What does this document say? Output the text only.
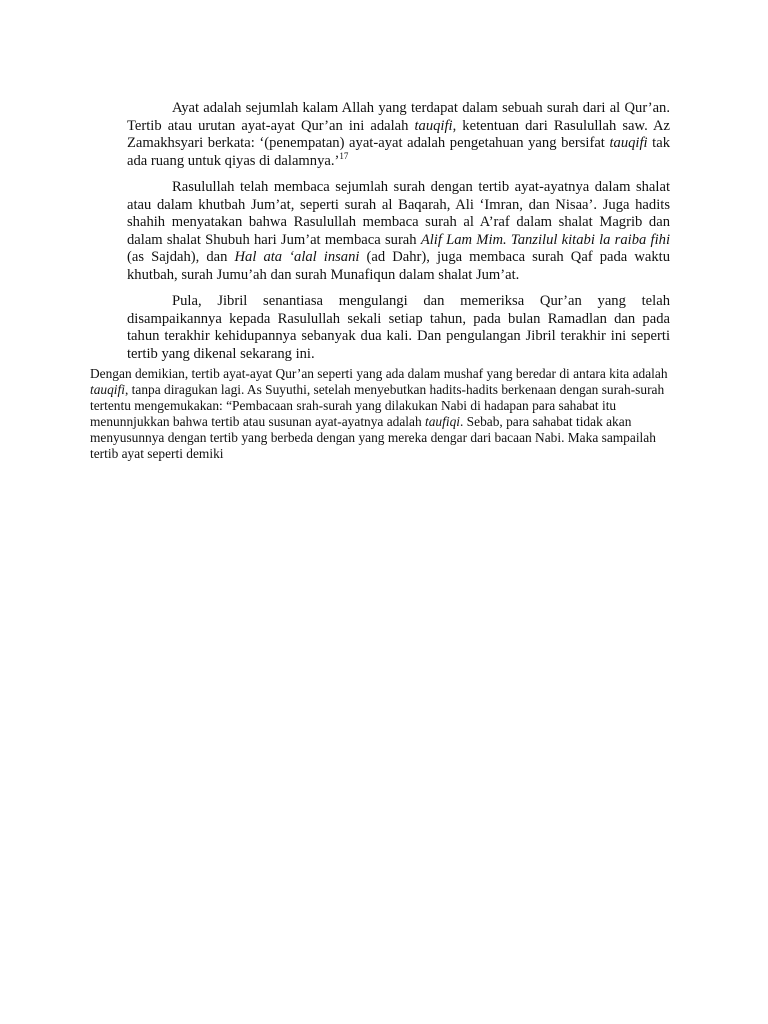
Ayat adalah sejumlah kalam Allah yang terdapat dalam sebuah surah dari al Qur’an. Tertib atau urutan ayat-ayat Qur’an ini adalah tauqifi, ketentuan dari Rasulullah saw. Az Zamakhsyari berkata: ‘(penempatan) ayat-ayat adalah pengetahuan yang bersifat tauqifi tak ada ruang untuk qiyas di dalamnya.’$^{17}$

Rasulullah telah membaca sejumlah surah dengan tertib ayat-ayatnya dalam shalat atau dalam khutbah Jum’at, seperti surah al Baqarah, Ali ‘Imran, dan Nisaa’. Juga hadits shahih menyatakan bahwa Rasulullah membaca surah al A’raf dalam shalat Magrib dan dalam shalat Shubuh hari Jum’at membaca surah Alif Lam Mim. Tanzilul kitabi la raiba fihi (as Sajdah), dan Hal ata ‘alal insani (ad Dahr), juga membaca surah Qaf pada waktu khutbah, surah Jumu’ah dan surah Munafiqun dalam shalat Jum’at.

Pula, Jibril senantiasa mengulangi dan memeriksa Qur’an yang telah disampaikannya kepada Rasulullah sekali setiap tahun, pada bulan Ramadlan dan pada tahun terakhir kehidupannya sebanyak dua kali. Dan pengulangan Jibril terakhir ini seperti tertib yang dikenal sekarang ini.

Dengan demikian, tertib ayat-ayat Qur’an seperti yang ada dalam mushaf yang beredar di antara kita adalah tauqifi, tanpa diragukan lagi. As Suyuthi, setelah menyebutkan hadits-hadits berkenaan dengan surah-surah tertentu mengemukakan: “Pembacaan srah-surah yang dilakukan Nabi di hadapan para sahabat itu menunnjukkan bahwa tertib atau susunan ayat-ayatnya adalah taufiqi. Sebab, para sahabat tidak akan menyusunnya dengan tertib yang berbeda dengan yang mereka dengar dari bacaan Nabi. Maka sampailah tertib ayat seperti demiki
